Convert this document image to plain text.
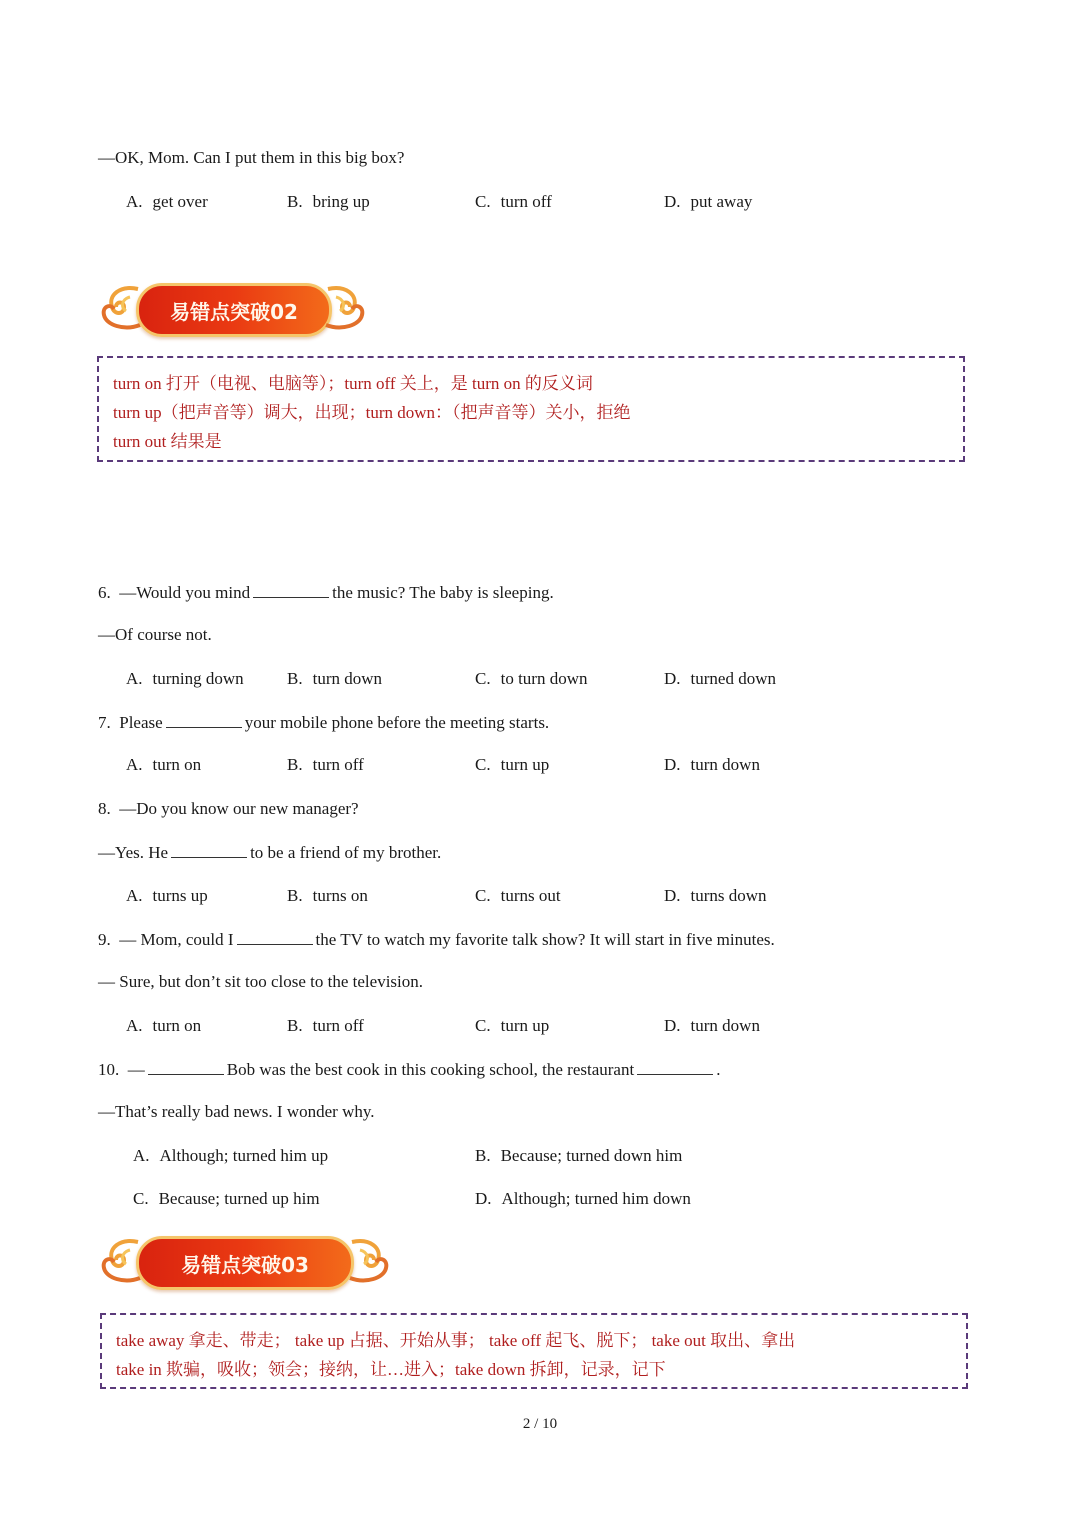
—OK, Mom. Can I put them in this big box?
A. get over	B. bring up	C. turn off	D. put away
易错点突破02
turn on 打开（电视、电脑等）；turn off 关上，是 turn on 的反义词
turn up（把声音等）调大，出现；turn down：（把声音等）关小，拒绝
turn out 结果是
6. —Would you mind	the music? The baby is sleeping.
—Of course not.
A. turning down	B. turn down	C. to turn down	D. turned down
7. Please	your mobile phone before the meeting starts.
A. turn on	B. turn off	C. turn up	D. turn down
8. —Do you know our new manager?
—Yes. He	to be a friend of my brother.
A. turns up	B. turns on	C. turns out	D. turns down
9. — Mom, could I	the TV to watch my favorite talk show? It will start in five minutes.
— Sure, but don’t sit too close to the television.
A. turn on	B. turn off	C. turn up	D. turn down
10. —	Bob was the best cook in this cooking school, the restaurant	.
—That’s really bad news. I wonder why.
A. Although; turned him up	B. Because; turned down him
C. Because; turned up him	D. Although; turned him down
易错点突破03
take away 拿走、带走； take up 占据、开始从事； take off 起飞、脱下； take out 取出、拿出
take in 欺骗，吸收；领会；接纳，让…进入；take down 拆卸，记录，记下
2 / 10
